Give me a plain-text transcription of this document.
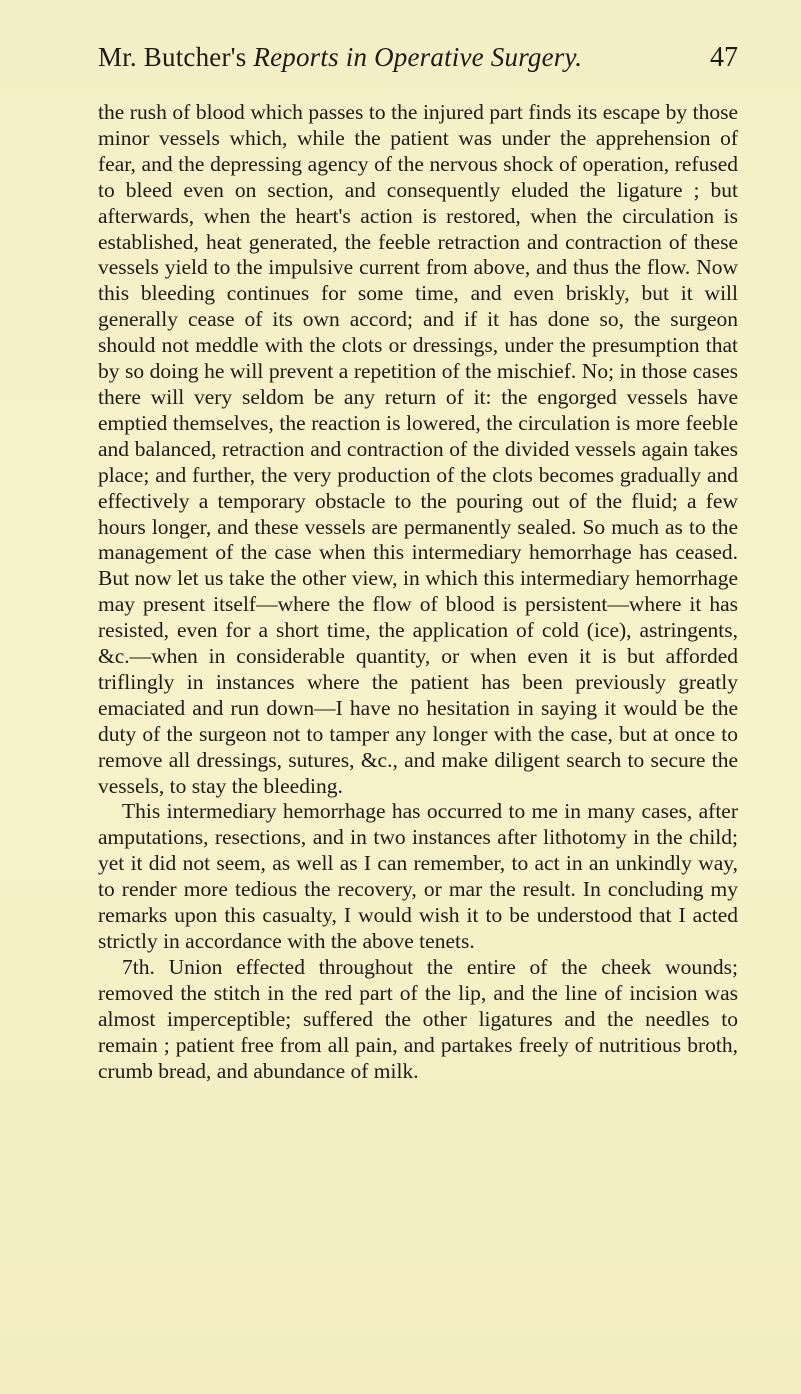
Mr. Butcher's Reports in Operative Surgery.	47

the rush of blood which passes to the injured part finds its escape by those minor vessels which, while the patient was under the apprehension of fear, and the depressing agency of the nervous shock of operation, refused to bleed even on section, and consequently eluded the ligature ; but afterwards, when the heart's action is restored, when the circulation is established, heat generated, the feeble retraction and contraction of these vessels yield to the impulsive current from above, and thus the flow. Now this bleeding continues for some time, and even briskly, but it will generally cease of its own accord; and if it has done so, the surgeon should not meddle with the clots or dressings, under the presumption that by so doing he will prevent a repetition of the mischief. No; in those cases there will very seldom be any return of it: the engorged vessels have emptied themselves, the reaction is lowered, the circulation is more feeble and balanced, retraction and contraction of the divided vessels again takes place; and further, the very production of the clots becomes gradually and effectively a temporary obstacle to the pouring out of the fluid; a few hours longer, and these vessels are permanently sealed. So much as to the management of the case when this intermediary hemorrhage has ceased. But now let us take the other view, in which this intermediary hemorrhage may present itself—where the flow of blood is persistent—where it has resisted, even for a short time, the application of cold (ice), astringents, &c.—when in considerable quantity, or when even it is but afforded triflingly in instances where the patient has been previously greatly emaciated and run down—I have no hesitation in saying it would be the duty of the surgeon not to tamper any longer with the case, but at once to remove all dressings, sutures, &c., and make diligent search to secure the vessels, to stay the bleeding.

This intermediary hemorrhage has occurred to me in many cases, after amputations, resections, and in two instances after lithotomy in the child; yet it did not seem, as well as I can remember, to act in an unkindly way, to render more tedious the recovery, or mar the result. In concluding my remarks upon this casualty, I would wish it to be understood that I acted strictly in accordance with the above tenets.

7th. Union effected throughout the entire of the cheek wounds; removed the stitch in the red part of the lip, and the line of incision was almost imperceptible; suffered the other ligatures and the needles to remain ; patient free from all pain, and partakes freely of nutritious broth, crumb bread, and abundance of milk.
